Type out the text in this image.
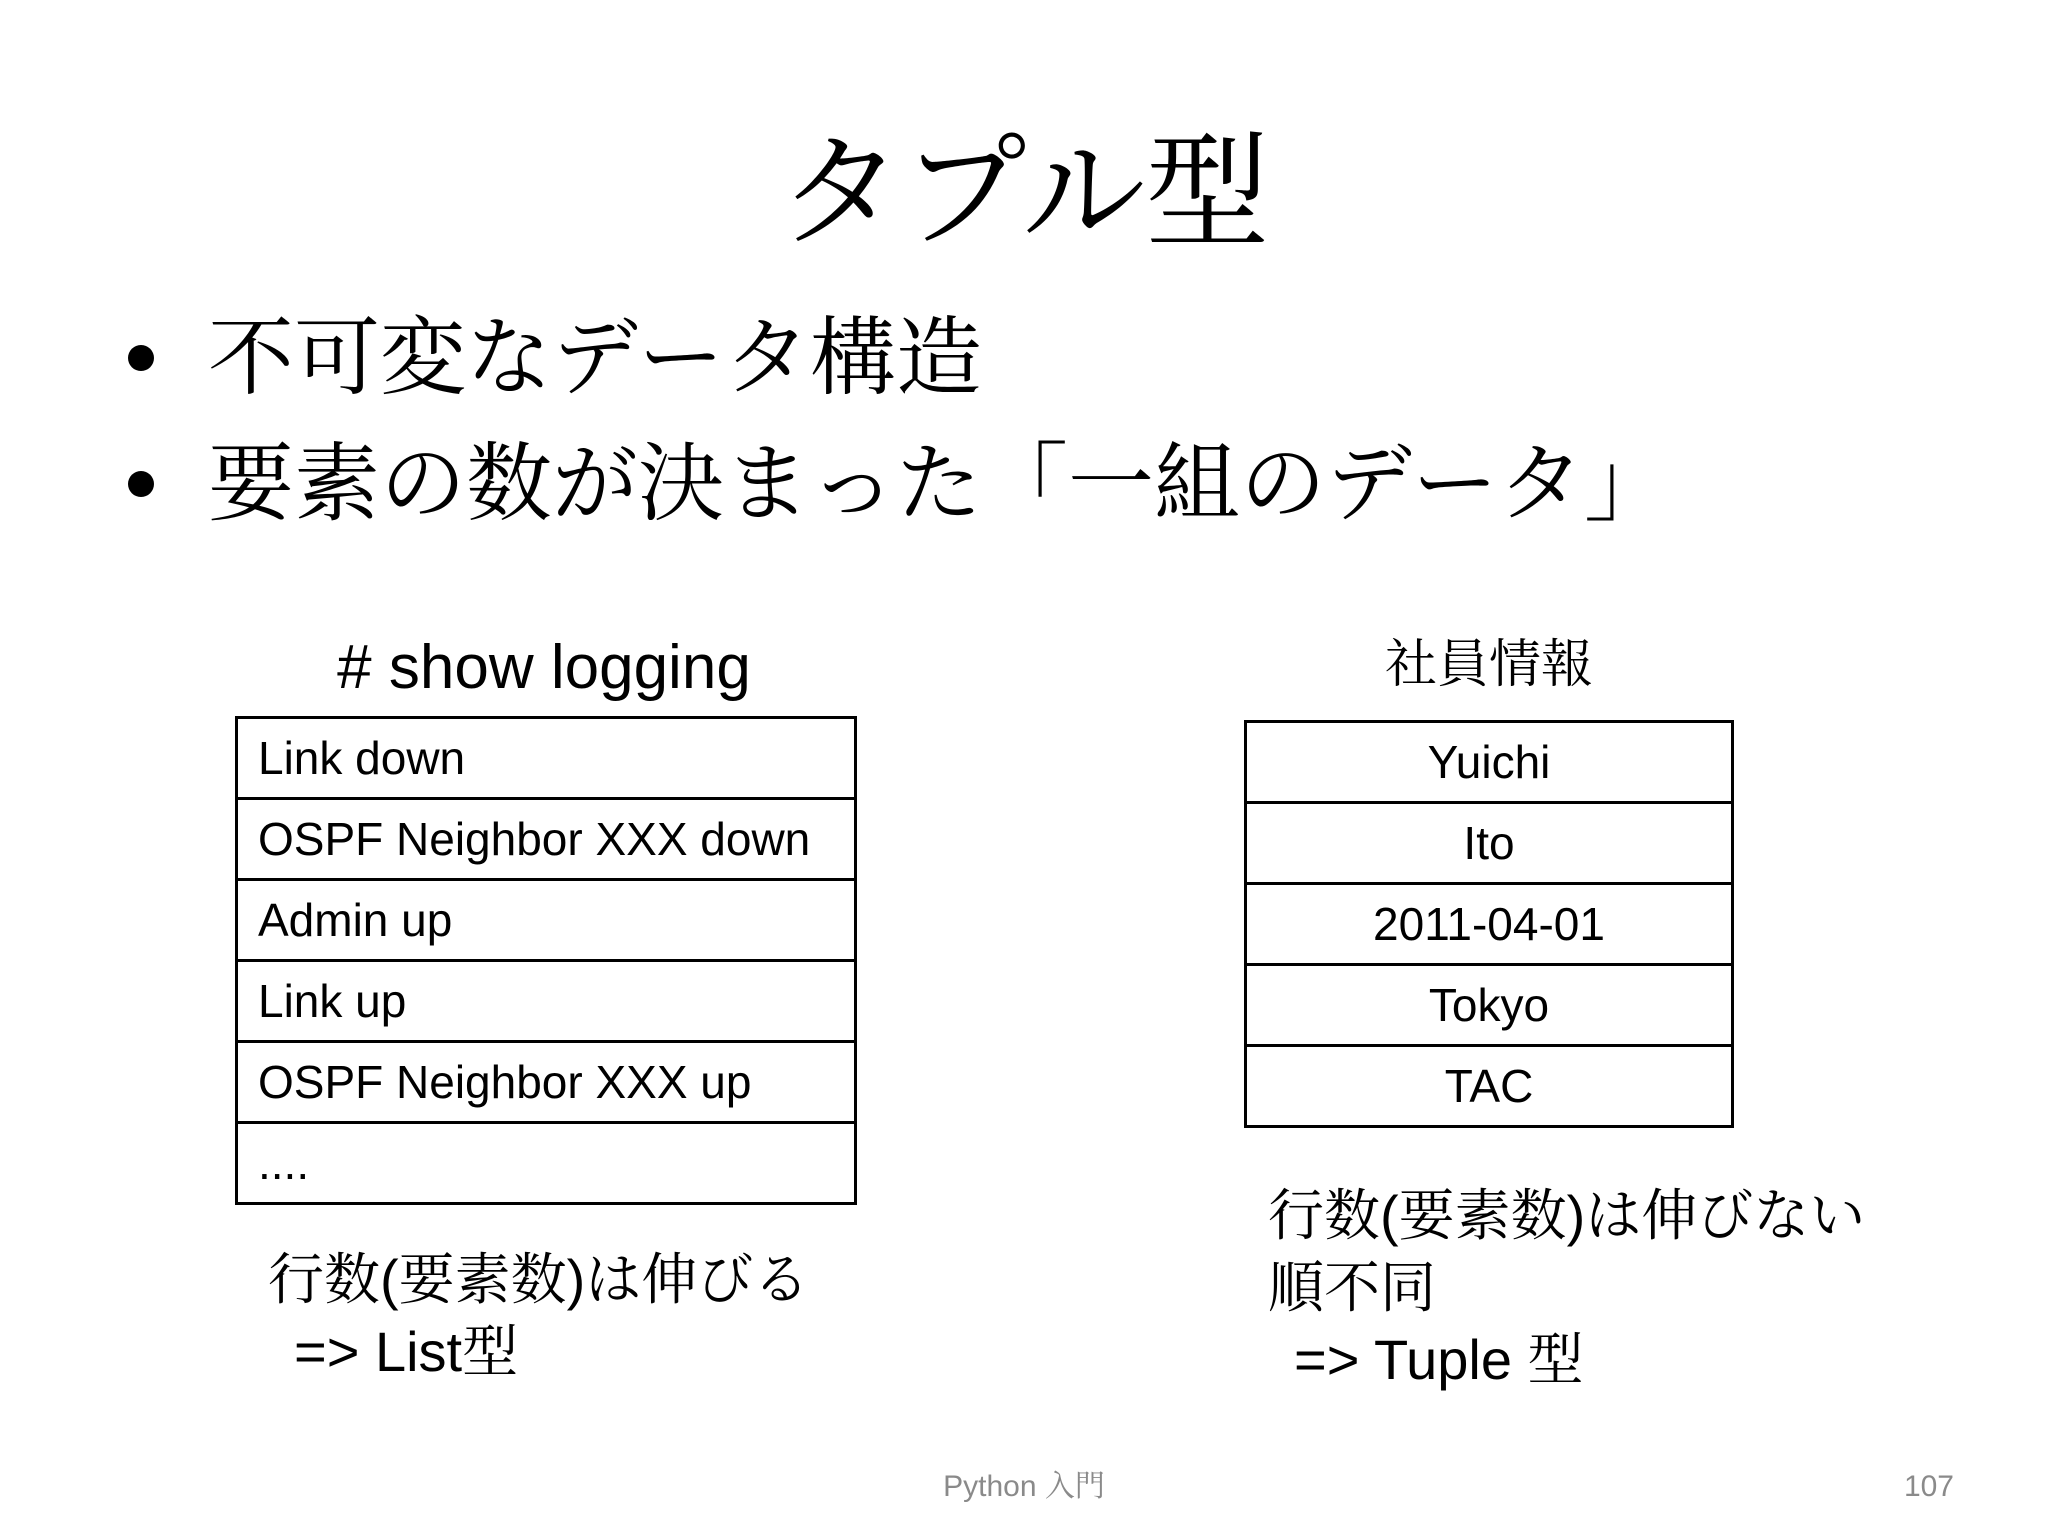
タプル型
不可変なデータ構造
要素の数が決まった「一組のデータ」
# show logging
Link down
OSPF Neighbor XXX down
Admin up
Link up
OSPF Neighbor XXX up
....
行数(要素数)は伸びる
=> List型
社員情報
Yuichi
Ito
2011-04-01
Tokyo
TAC
行数(要素数)は伸びない
順不同
=> Tuple 型
Python 入門	107
